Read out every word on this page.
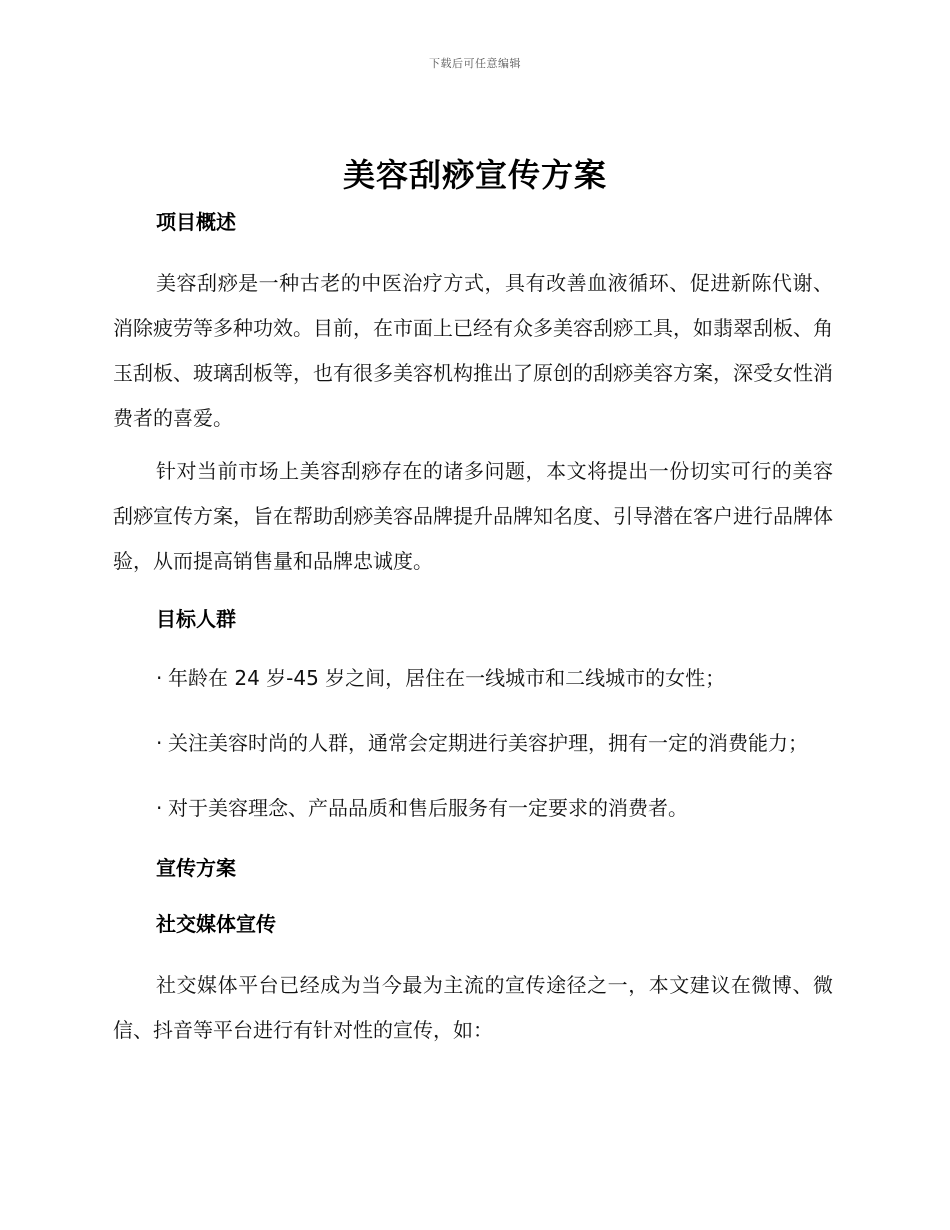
下载后可任意编辑
美容刮痧宣传方案

项目概述

美容刮痧是一种古老的中医治疗方式，具有改善血液循环、促进新陈代谢、消除疲劳等多种功效。目前，在市面上已经有众多美容刮痧工具，如翡翠刮板、角玉刮板、玻璃刮板等，也有很多美容机构推出了原创的刮痧美容方案，深受女性消费者的喜爱。

针对当前市场上美容刮痧存在的诸多问题，本文将提出一份切实可行的美容刮痧宣传方案，旨在帮助刮痧美容品牌提升品牌知名度、引导潜在客户进行品牌体验，从而提高销售量和品牌忠诚度。

目标人群

· 年龄在 24 岁-45 岁之间，居住在一线城市和二线城市的女性；

· 关注美容时尚的人群，通常会定期进行美容护理，拥有一定的消费能力；

· 对于美容理念、产品品质和售后服务有一定要求的消费者。

宣传方案

社交媒体宣传

社交媒体平台已经成为当今最为主流的宣传途径之一，本文建议在微博、微信、抖音等平台进行有针对性的宣传，如：
